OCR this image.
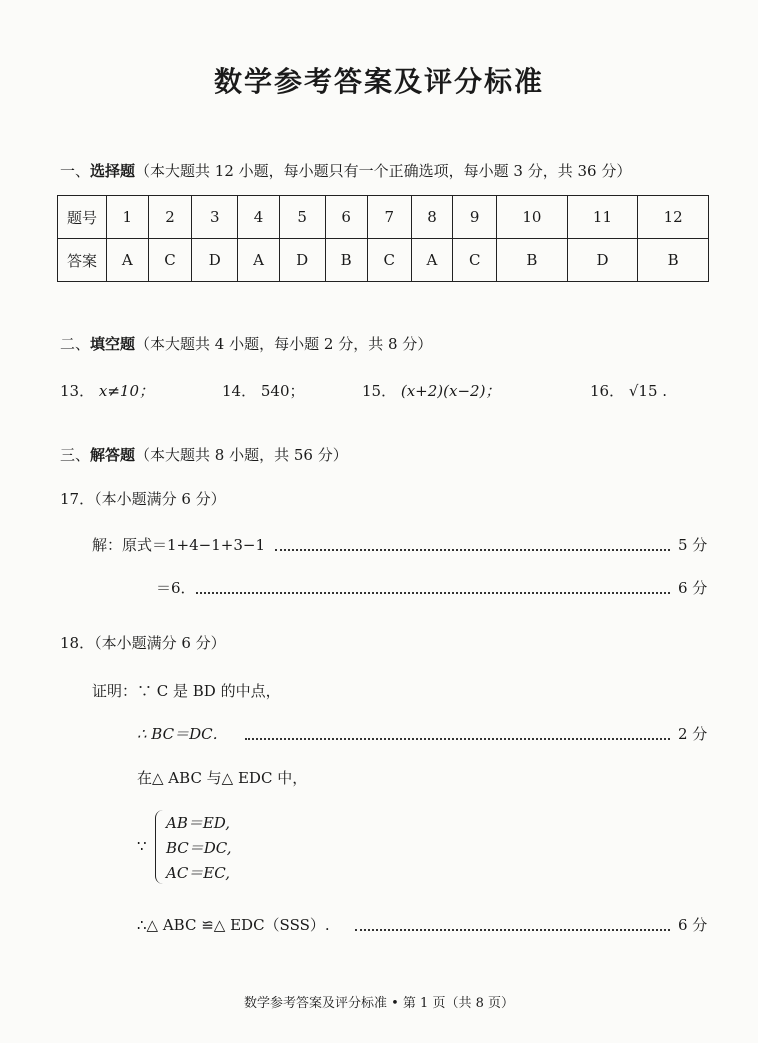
数学参考答案及评分标准
一、选择题（本大题共 12 小题，每小题只有一个正确选项，每小题 3 分，共 36 分）
题号	1	2	3	4	5	6	7	8	9	10	11	12
答案	A	C	D	A	D	B	C	A	C	B	D	B
二、填空题（本大题共 4 小题，每小题 2 分，共 8 分）
13． x≠10；	14． 540；	15． (x+2)(x−2)；	16． √15 .
三、解答题（本大题共 8 小题，共 56 分）
17．（本小题满分 6 分）
解：原式＝1+4−1+3−1	5 分
＝6．	6 分
18．（本小题满分 6 分）
证明：∵ C 是 BD 的中点，
∴ BC＝DC．	2 分
在△ ABC 与△ EDC 中，
∵
AB＝ED,
BC＝DC,
AC＝EC,
∴△ ABC ≌△ EDC（SSS）.	6 分
数学参考答案及评分标准 • 第 1 页（共 8 页）
